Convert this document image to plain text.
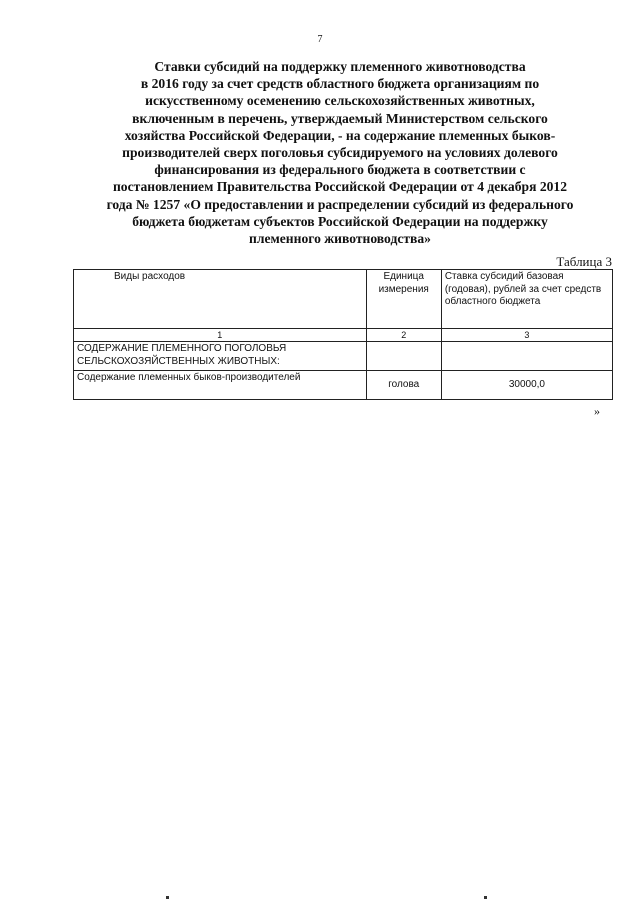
7
Ставки субсидий на поддержку племенного животноводства
в 2016 году за счет средств областного бюджета организациям по
искусственному осеменению сельскохозяйственных животных,
включенным в перечень, утверждаемый Министерством сельского
хозяйства Российской Федерации, - на содержание племенных быков-
производителей сверх поголовья субсидируемого на условиях долевого
финансирования из федерального бюджета в соответствии с
постановлением Правительства Российской Федерации от 4 декабря 2012
года № 1257 «О предоставлении и распределении субсидий из федерального
бюджета бюджетам субъектов Российской Федерации на поддержку
племенного животноводства»
Таблица 3
Виды расходов	Единица измерения	Ставка субсидий базовая (годовая), рублей за счет средств областного бюджета
1	2	3
СОДЕРЖАНИЕ ПЛЕМЕННОГО ПОГОЛОВЬЯ СЕЛЬСКОХОЗЯЙСТВЕННЫХ ЖИВОТНЫХ:		
Содержание племенных быков-производителей	голова	30000,0
»
